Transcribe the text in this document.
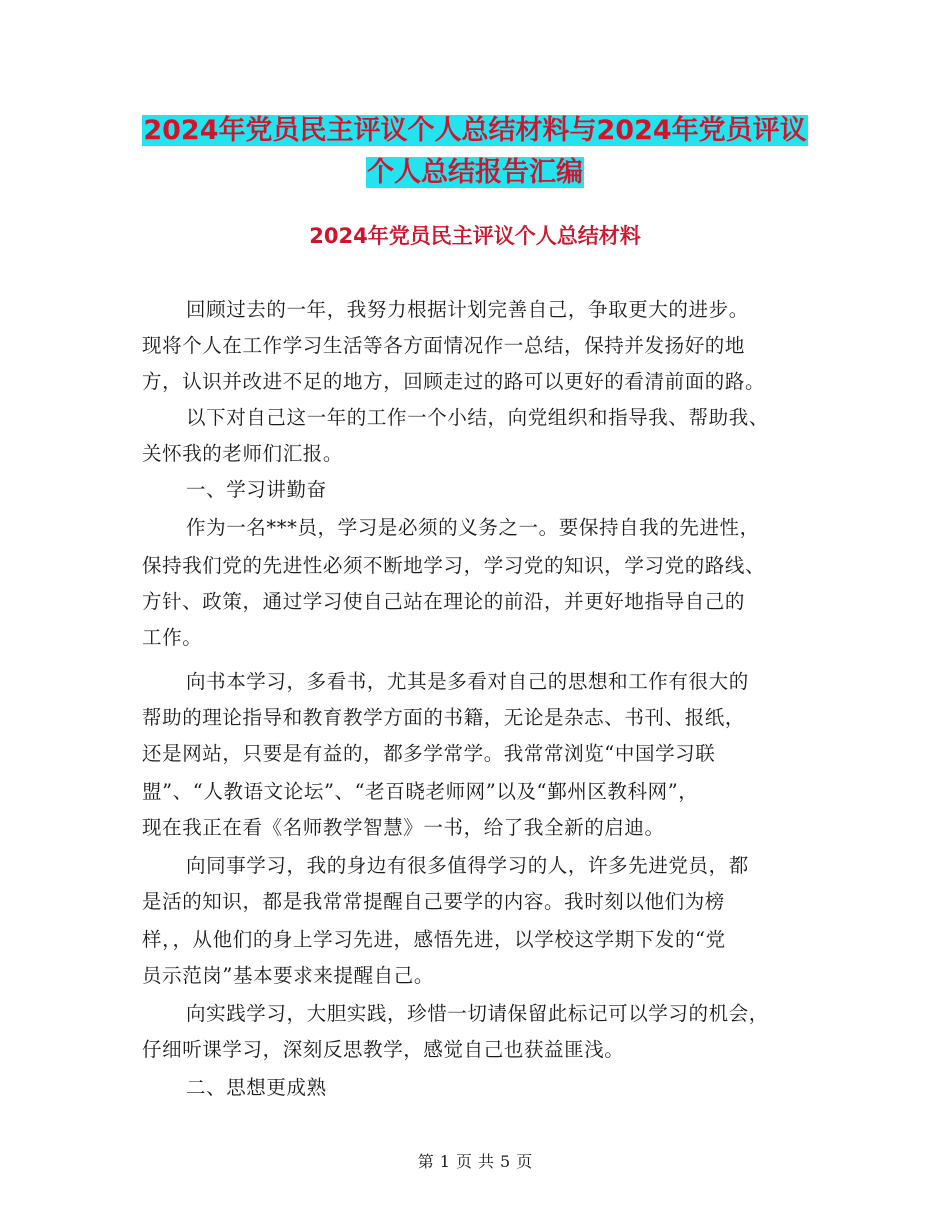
2024年党员民主评议个人总结材料与2024年党员评议
个人总结报告汇编
2024年党员民主评议个人总结材料
回顾过去的一年，我努力根据计划完善自己，争取更大的进步。
现将个人在工作学习生活等各方面情况作一总结，保持并发扬好的地
方，认识并改进不足的地方，回顾走过的路可以更好的看清前面的路。
以下对自己这一年的工作一个小结，向党组织和指导我、帮助我、
关怀我的老师们汇报。
一、学习讲勤奋
作为一名***员，学习是必须的义务之一。要保持自我的先进性，
保持我们党的先进性必须不断地学习，学习党的知识，学习党的路线、
方针、政策，通过学习使自己站在理论的前沿，并更好地指导自己的
工作。
向书本学习，多看书，尤其是多看对自己的思想和工作有很大的
帮助的理论指导和教育教学方面的书籍，无论是杂志、书刊、报纸，
还是网站，只要是有益的，都多学常学。我常常浏览“中国学习联
盟”、“人教语文论坛”、“老百晓老师网”以及“鄞州区教科网”，
现在我正在看《名师教学智慧》一书，给了我全新的启迪。
向同事学习，我的身边有很多值得学习的人，许多先进党员，都
是活的知识，都是我常常提醒自己要学的内容。我时刻以他们为榜
样，，从他们的身上学习先进，感悟先进，以学校这学期下发的“党
员示范岗”基本要求来提醒自己。
向实践学习，大胆实践，珍惜一切请保留此标记可以学习的机会，
仔细听课学习，深刻反思教学，感觉自己也获益匪浅。
二、思想更成熟
第 1 页 共 5 页
